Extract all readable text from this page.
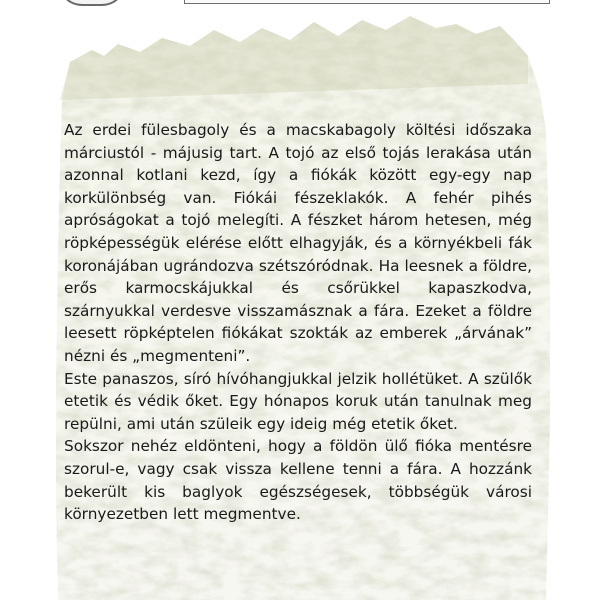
Az erdei fülesbagoly és a macskabagoly költési időszaka márciustól - májusig tart. A tojó az első tojás lerakása után azonnal kotlani kezd, így a fiókák között egy-egy nap korkülönbség van. Fiókái fészeklakók. A fehér pihés apróságokat a tojó melegíti. A fészket három hetesen, még röpképességük elérése előtt elhagyják, és a környékbeli fák koronájában ugrándozva szétszóródnak. Ha leesnek a földre, erős karmocskájukkal és csőrükkel kapaszkodva, szárnyukkal verdesve visszamásznak a fára. Ezeket a földre leesett röpképtelen fiókákat szokták az emberek „árvának” nézni és „megmenteni”.

Este panaszos, síró hívóhangjukkal jelzik hollétüket. A szülők etetik és védik őket. Egy hónapos koruk után tanulnak meg repülni, ami után szüleik egy ideig még etetik őket.

Sokszor nehéz eldönteni, hogy a földön ülő fióka mentésre szorul-e, vagy csak vissza kellene tenni a fára. A hozzánk bekerült kis baglyok egészségesek, többségük városi környezetben lett megmentve.
